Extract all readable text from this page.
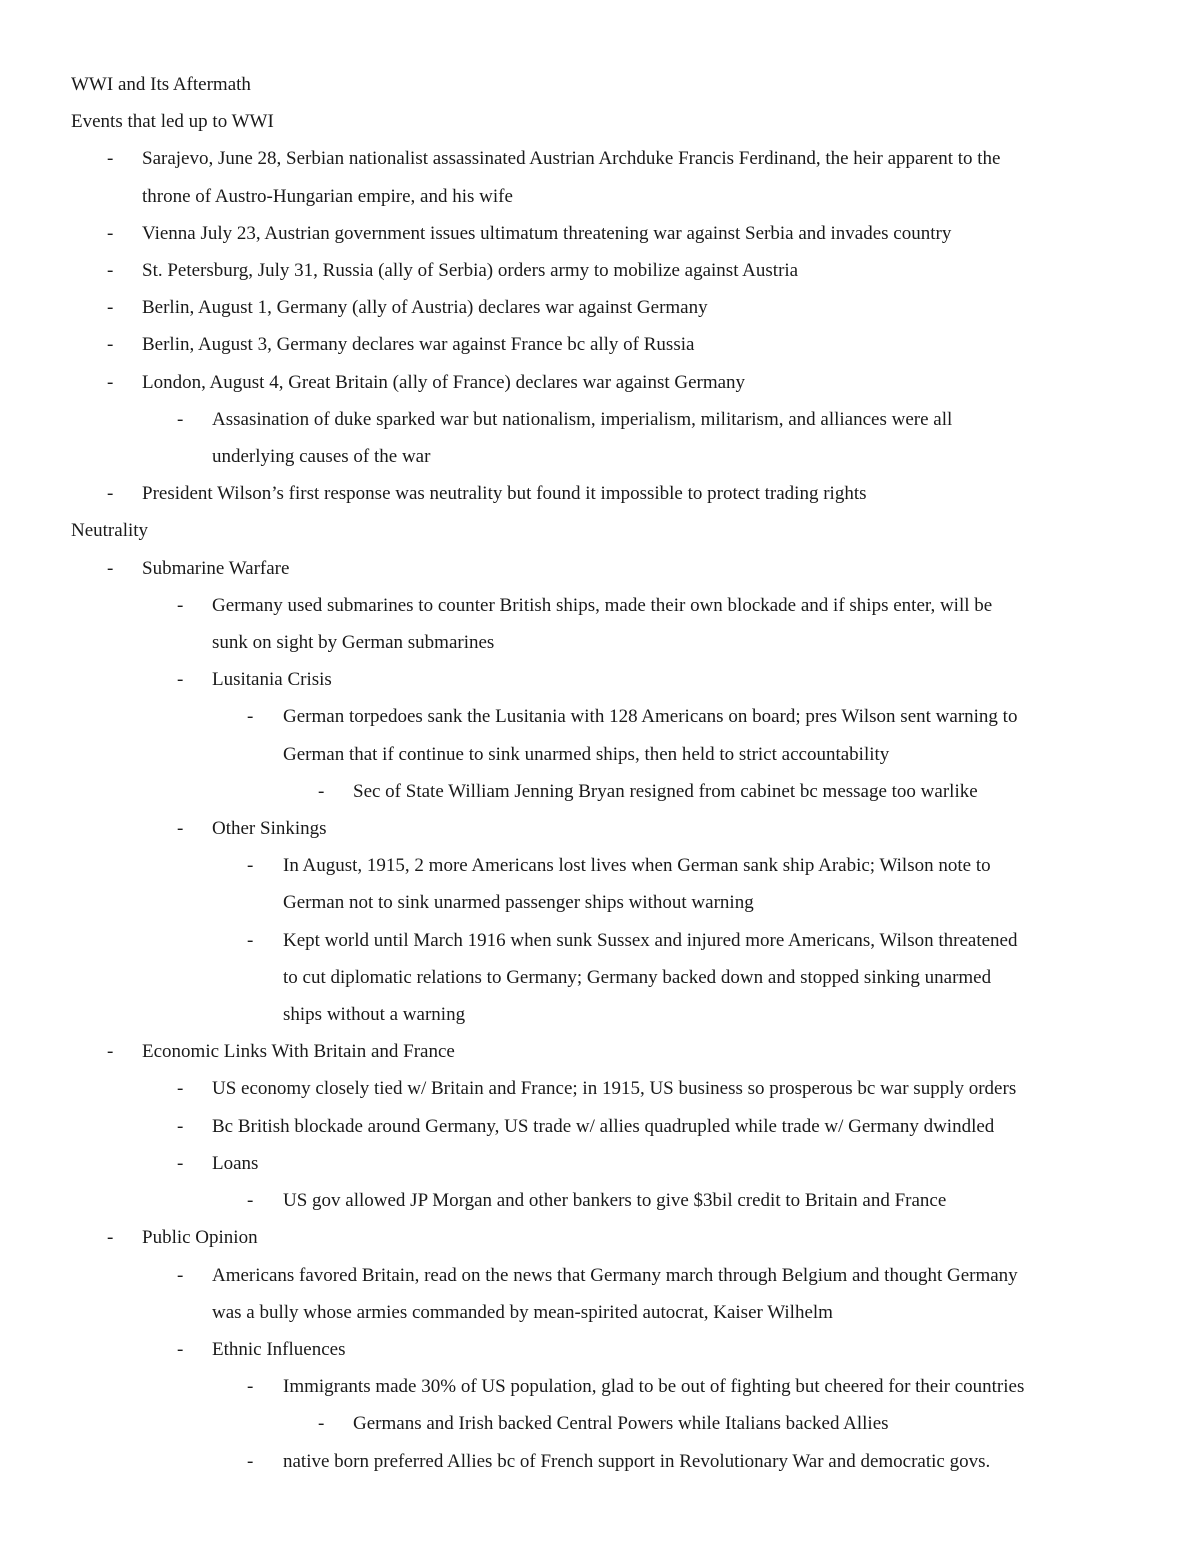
WWI and Its Aftermath
Events that led up to WWI
- Sarajevo, June 28, Serbian nationalist assassinated Austrian Archduke Francis Ferdinand, the heir apparent to the
throne of Austro-Hungarian empire, and his wife
- Vienna July 23, Austrian government issues ultimatum threatening war against Serbia and invades country
- St. Petersburg, July 31, Russia (ally of Serbia) orders army to mobilize against Austria
- Berlin, August 1, Germany (ally of Austria) declares war against Germany
- Berlin, August 3, Germany declares war against France bc ally of Russia
- London, August 4, Great Britain (ally of France) declares war against Germany
- Assasination of duke sparked war but nationalism, imperialism, militarism, and alliances were all
underlying causes of the war
- President Wilson’s first response was neutrality but found it impossible to protect trading rights
Neutrality
- Submarine Warfare
- Germany used submarines to counter British ships, made their own blockade and if ships enter, will be
sunk on sight by German submarines
- Lusitania Crisis
- German torpedoes sank the Lusitania with 128 Americans on board; pres Wilson sent warning to
German that if continue to sink unarmed ships, then held to strict accountability
- Sec of State William Jenning Bryan resigned from cabinet bc message too warlike
- Other Sinkings
- In August, 1915, 2 more Americans lost lives when German sank ship Arabic; Wilson note to
German not to sink unarmed passenger ships without warning
- Kept world until March 1916 when sunk Sussex and injured more Americans, Wilson threatened
to cut diplomatic relations to Germany; Germany backed down and stopped sinking unarmed
ships without a warning
- Economic Links With Britain and France
- US economy closely tied w/ Britain and France; in 1915, US business so prosperous bc war supply orders
- Bc British blockade around Germany, US trade w/ allies quadrupled while trade w/ Germany dwindled
- Loans
- US gov allowed JP Morgan and other bankers to give $3bil credit to Britain and France
- Public Opinion
- Americans favored Britain, read on the news that Germany march through Belgium and thought Germany
was a bully whose armies commanded by mean-spirited autocrat, Kaiser Wilhelm
- Ethnic Influences
- Immigrants made 30% of US population, glad to be out of fighting but cheered for their countries
- Germans and Irish backed Central Powers while Italians backed Allies
- native born preferred Allies bc of French support in Revolutionary War and democratic govs.
